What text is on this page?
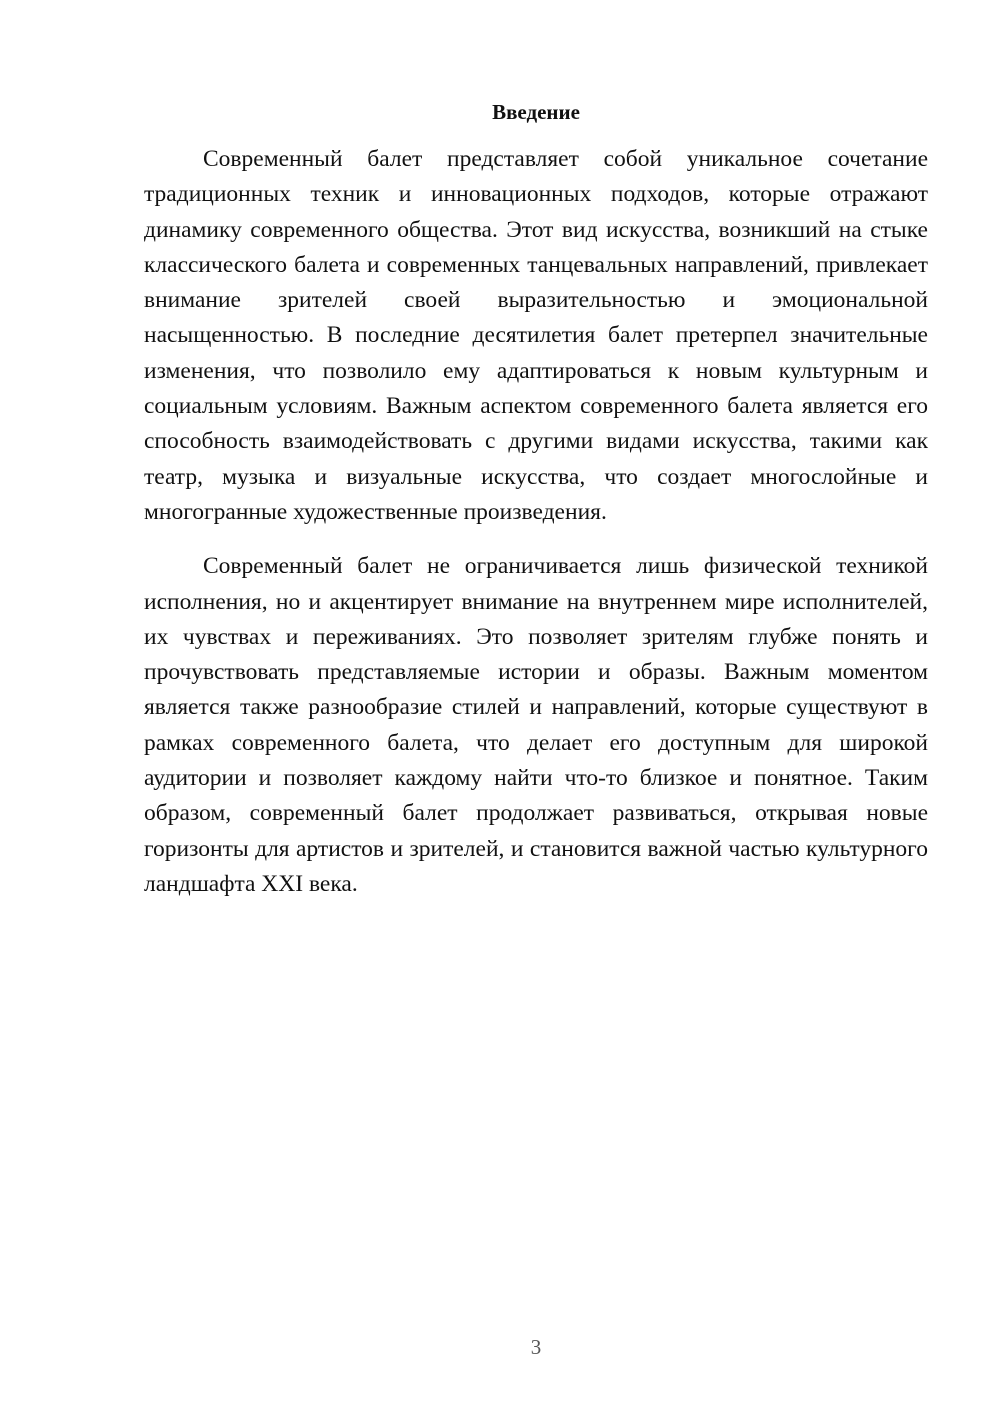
Введение

Современный балет представляет собой уникальное сочетание традиционных техник и инновационных подходов, которые отражают динамику современного общества. Этот вид искусства, возникший на стыке классического балета и современных танцевальных направлений, привлекает внимание зрителей своей выразительностью и эмоциональной насыщенностью. В последние десятилетия балет претерпел значительные изменения, что позволило ему адаптироваться к новым культурным и социальным условиям. Важным аспектом современного балета является его способность взаимодействовать с другими видами искусства, такими как театр, музыка и визуальные искусства, что создает многослойные и многогранные художественные произведения.

Современный балет не ограничивается лишь физической техникой исполнения, но и акцентирует внимание на внутреннем мире исполнителей, их чувствах и переживаниях. Это позволяет зрителям глубже понять и прочувствовать представляемые истории и образы. Важным моментом является также разнообразие стилей и направлений, которые существуют в рамках современного балета, что делает его доступным для широкой аудитории и позволяет каждому найти что-то близкое и понятное. Таким образом, современный балет продолжает развиваться, открывая новые горизонты для артистов и зрителей, и становится важной частью культурного ландшафта XXI века.

3
